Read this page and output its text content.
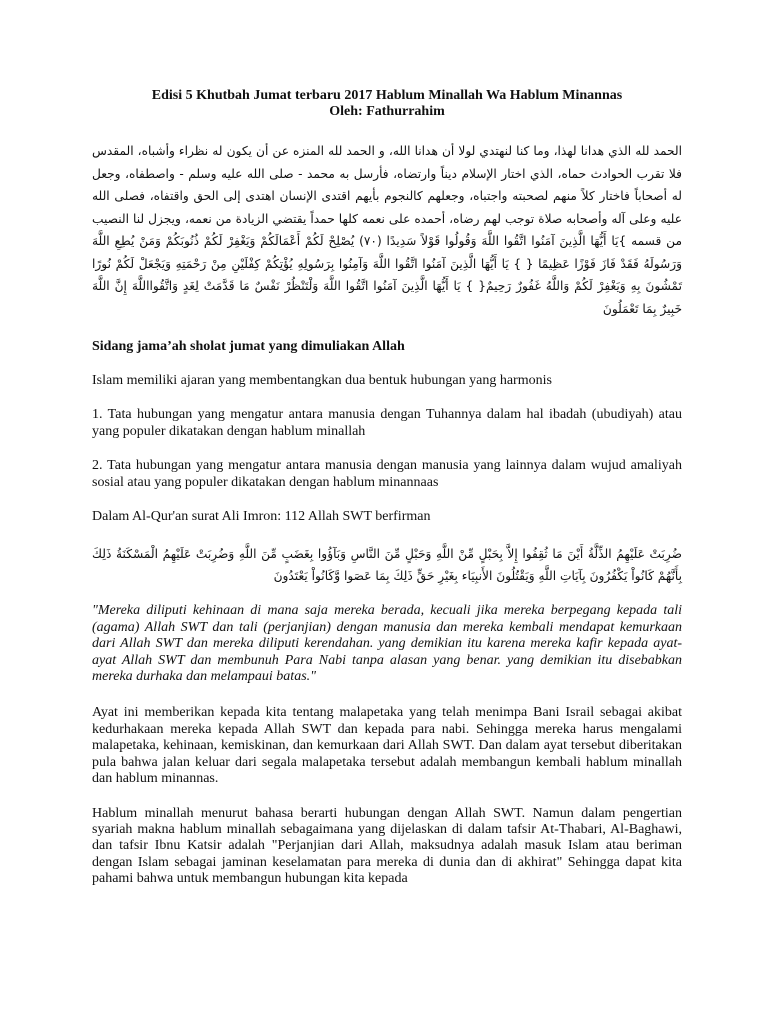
Edisi 5 Khutbah Jumat terbaru 2017 Hablum Minallah Wa Hablum Minannas
Oleh: Fathurrahim

الحمد لله الذي هدانا لهذا، وما كنا لنهتدي لولا أن هدانا الله، و الحمد لله المنزه عن أن يكون له نظراء وأشباه، المقدس فلا تقرب الحوادث حماه، الذي اختار الإسلام ديناً وارتضاه، فأرسل به محمد - صلى الله عليه وسلم - واصطفاه، وجعل له أصحاباً فاختار كلاً منهم لصحبته واجتباه، وجعلهم كالنجوم بأيهم اقتدى الإنسان اهتدى إلى الحق واقتفاه، فصلى الله عليه وعلى آله وأصحابه صلاة توجب لهم رضاه، أحمده على نعمه كلها حمداً يقتضي الزيادة من نعمه، ويجزل لنا النصيب من قسمه }يَا أَيُّهَا الَّذِينَ آمَنُوا اتَّقُوا اللَّهَ وَقُولُوا قَوْلاً سَدِيدًا (٧٠) يُصْلِحْ لَكُمْ أَعْمَالَكُمْ وَيَغْفِرْ لَكُمْ ذُنُوبَكُمْ وَمَنْ يُطِعِ اللَّهَ وَرَسُولَهُ فَقَدْ فَازَ فَوْزًا عَظِيمًا { } يَا أَيُّهَا الَّذِينَ آمَنُوا اتَّقُوا اللَّهَ وَآمِنُوا بِرَسُولِهِ يُؤْتِكُمْ كِفْلَيْنِ مِنْ رَحْمَتِهِ وَيَجْعَلْ لَكُمْ نُورًا تَمْشُونَ بِهِ وَيَغْفِرْ لَكُمْ وَاللَّهُ غَفُورٌ رَحِيمٌ{ } يَا أَيُّهَا الَّذِينَ آمَنُوا اتَّقُوا اللَّهَ وَلْتَنْظُرْ نَفْسٌ مَا قَدَّمَتْ لِغَدٍ وَاتَّقُوااللَّهَ إِنَّ اللَّهَ خَبِيرٌ بِمَا تَعْمَلُونَ

Sidang jama’ah sholat jumat yang dimuliakan Allah

Islam memiliki ajaran yang membentangkan dua bentuk hubungan yang harmonis

1. Tata hubungan yang mengatur antara manusia dengan Tuhannya dalam hal ibadah (ubudiyah) atau yang populer dikatakan dengan hablum minallah

2. Tata hubungan yang mengatur antara manusia dengan manusia yang lainnya dalam wujud amaliyah sosial atau yang populer dikatakan dengan hablum minannaas

Dalam Al-Qur'an surat Ali Imron: 112 Allah SWT berfirman

ضُرِبَتْ عَلَيْهِمُ الذِّلَّةُ أَيْنَ مَا ثُقِفُوا إِلاَّ بِحَبْلٍ مِّنْ اللَّهِ وَحَبْلٍ مِّنَ النَّاسِ وَبَآؤُوا بِغَضَبٍ مِّنَ اللَّهِ وَضُرِبَتْ عَلَيْهِمُ الْمَسْكَنَةُ ذَلِكَ بِأَنَّهُمْ كَانُواْ يَكْفُرُونَ بِآيَاتِ اللَّهِ وَيَقْتُلُونَ الأَنبِيَاء بِغَيْرِ حَقٍّ ذَلِكَ بِمَا عَصَوا وَّكَانُواْ يَعْتَدُونَ

"Mereka diliputi kehinaan di mana saja mereka berada, kecuali jika mereka berpegang kepada tali (agama) Allah SWT dan tali (perjanjian) dengan manusia dan mereka kembali mendapat kemurkaan dari Allah SWT dan mereka diliputi kerendahan. yang demikian itu karena mereka kafir kepada ayat-ayat Allah SWT dan membunuh Para Nabi tanpa alasan yang benar. yang demikian itu disebabkan mereka durhaka dan melampaui batas."

Ayat ini memberikan kepada kita tentang malapetaka yang telah menimpa Bani Israil sebagai akibat kedurhakaan mereka kepada Allah SWT dan kepada para nabi. Sehingga mereka harus mengalami malapetaka, kehinaan, kemiskinan, dan kemurkaan dari Allah SWT. Dan dalam ayat tersebut diberitakan pula bahwa jalan keluar dari segala malapetaka tersebut adalah membangun kembali hablum minallah dan hablum minannas.

Hablum minallah menurut bahasa berarti hubungan dengan Allah SWT. Namun dalam pengertian syariah makna hablum minallah sebagaimana yang dijelaskan di dalam tafsir At-Thabari, Al-Baghawi, dan tafsir Ibnu Katsir adalah "Perjanjian dari Allah, maksudnya adalah masuk Islam atau beriman dengan Islam sebagai jaminan keselamatan para mereka di dunia dan di akhirat" Sehingga dapat kita pahami bahwa untuk membangun hubungan kita kepada
